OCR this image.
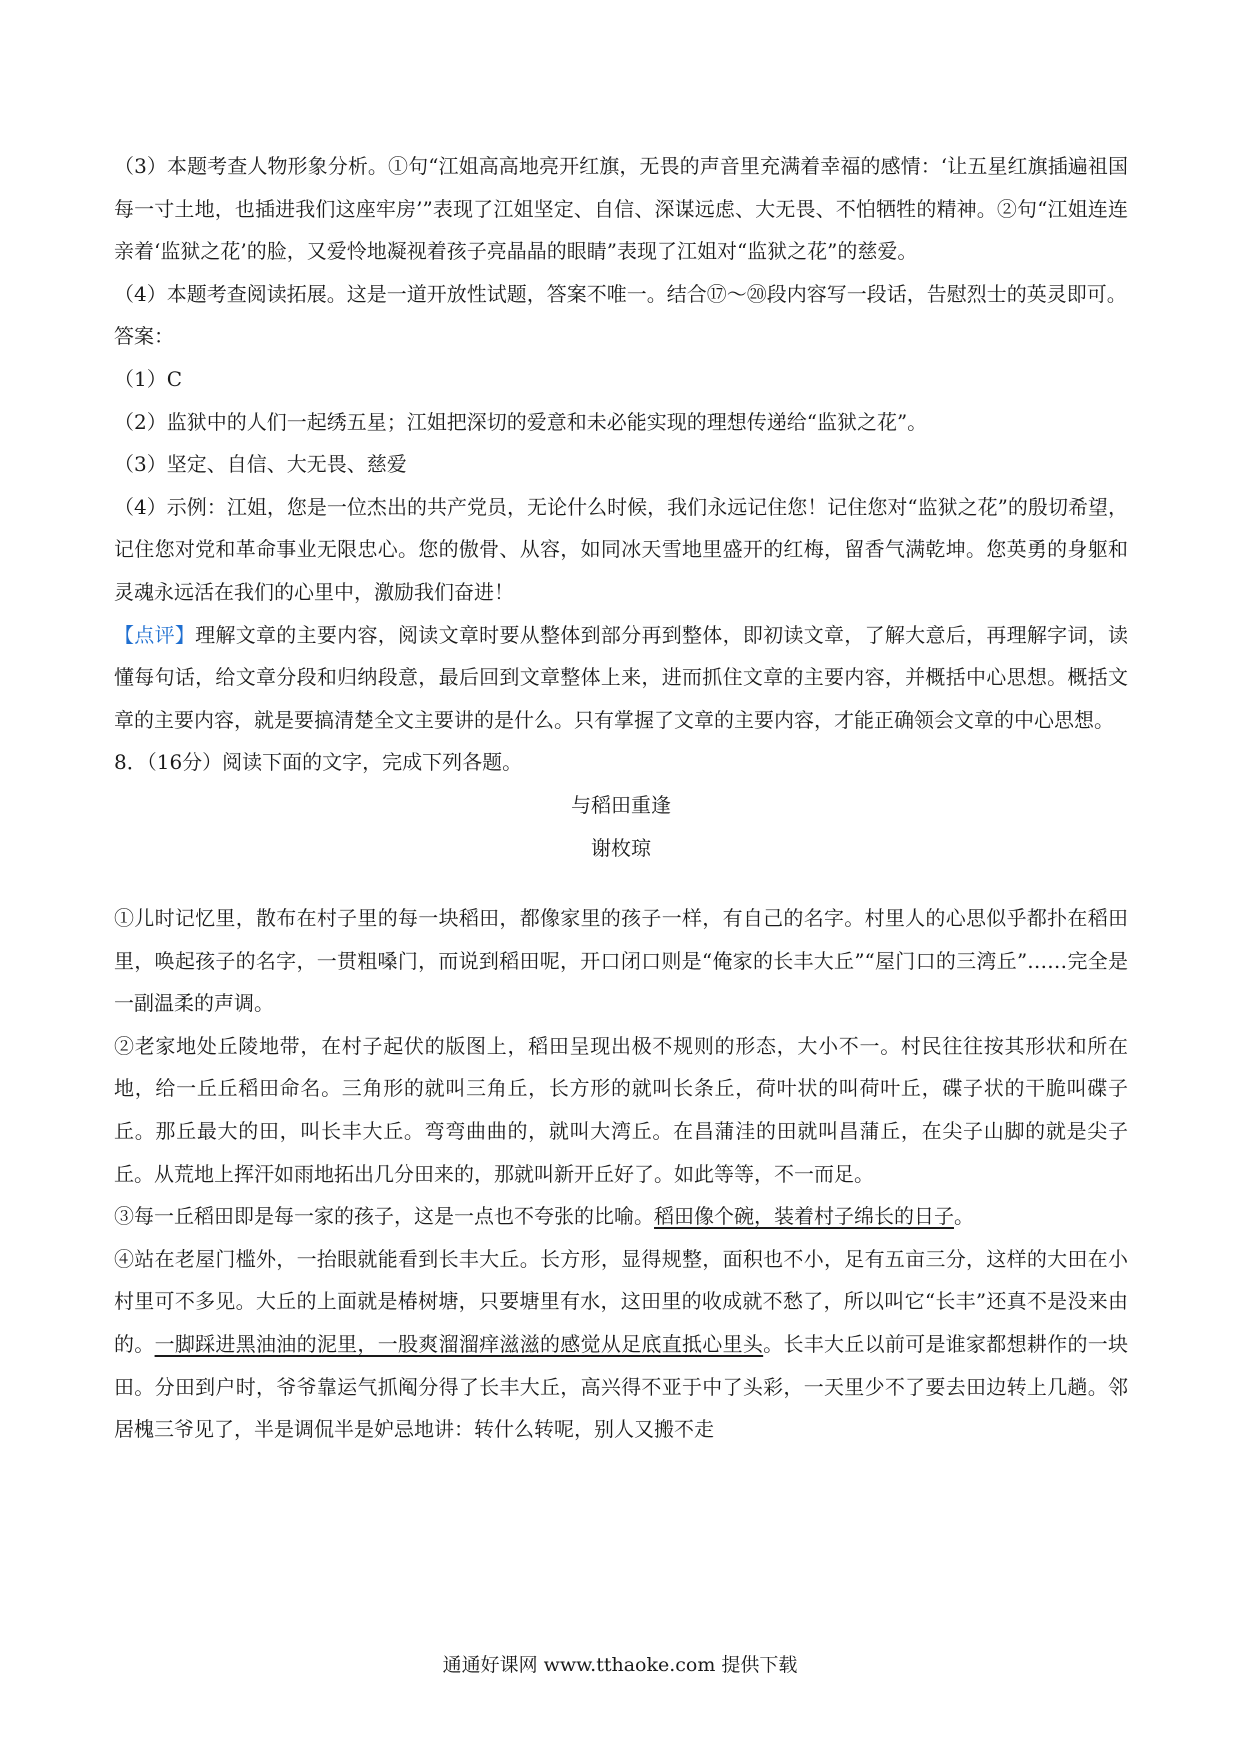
（3）本题考查人物形象分析。①句“江姐高高地亮开红旗，无畏的声音里充满着幸福的感情：‘让五星红旗插遍祖国每一寸土地，也插进我们这座牢房’”表现了江姐坚定、自信、深谋远虑、大无畏、不怕牺牲的精神。②句“江姐连连亲着‘监狱之花’的脸，又爱怜地凝视着孩子亮晶晶的眼睛”表现了江姐对“监狱之花”的慈爱。

（4）本题考查阅读拓展。这是一道开放性试题，答案不唯一。结合⑰～⑳段内容写一段话，告慰烈士的英灵即可。

答案：

（1）C

（2）监狱中的人们一起绣五星；江姐把深切的爱意和未必能实现的理想传递给“监狱之花”。

（3）坚定、自信、大无畏、慈爱

（4）示例：江姐，您是一位杰出的共产党员，无论什么时候，我们永远记住您！记住您对“监狱之花”的殷切希望，记住您对党和革命事业无限忠心。您的傲骨、从容，如同冰天雪地里盛开的红梅，留香气满乾坤。您英勇的身躯和灵魂永远活在我们的心里中，激励我们奋进！

【点评】理解文章的主要内容，阅读文章时要从整体到部分再到整体，即初读文章，了解大意后，再理解字词，读懂每句话，给文章分段和归纳段意，最后回到文章整体上来，进而抓住文章的主要内容，并概括中心思想。概括文章的主要内容，就是要搞清楚全文主要讲的是什么。只有掌握了文章的主要内容，才能正确领会文章的中心思想。

8．（16分）阅读下面的文字，完成下列各题。

与稻田重逢

谢枚琼

①儿时记忆里，散布在村子里的每一块稻田，都像家里的孩子一样，有自己的名字。村里人的心思似乎都扑在稻田里，唤起孩子的名字，一贯粗嗓门，而说到稻田呢，开口闭口则是“俺家的长丰大丘”“屋门口的三湾丘”……完全是一副温柔的声调。

②老家地处丘陵地带，在村子起伏的版图上，稻田呈现出极不规则的形态，大小不一。村民往往按其形状和所在地，给一丘丘稻田命名。三角形的就叫三角丘，长方形的就叫长条丘，荷叶状的叫荷叶丘，碟子状的干脆叫碟子丘。那丘最大的田，叫长丰大丘。弯弯曲曲的，就叫大湾丘。在昌蒲洼的田就叫昌蒲丘，在尖子山脚的就是尖子丘。从荒地上挥汗如雨地拓出几分田来的，那就叫新开丘好了。如此等等，不一而足。

③每一丘稻田即是每一家的孩子，这是一点也不夸张的比喻。稻田像个碗，装着村子绵长的日子。

④站在老屋门槛外，一抬眼就能看到长丰大丘。长方形，显得规整，面积也不小，足有五亩三分，这样的大田在小村里可不多见。大丘的上面就是椿树塘，只要塘里有水，这田里的收成就不愁了，所以叫它“长丰”还真不是没来由的。一脚踩进黑油油的泥里，一股爽溜溜痒滋滋的感觉从足底直抵心里头。长丰大丘以前可是谁家都想耕作的一块田。分田到户时，爷爷靠运气抓阄分得了长丰大丘，高兴得不亚于中了头彩，一天里少不了要去田边转上几趟。邻居槐三爷见了，半是调侃半是妒忌地讲：转什么转呢，别人又搬不走

通通好课网 www.tthaoke.com 提供下载
